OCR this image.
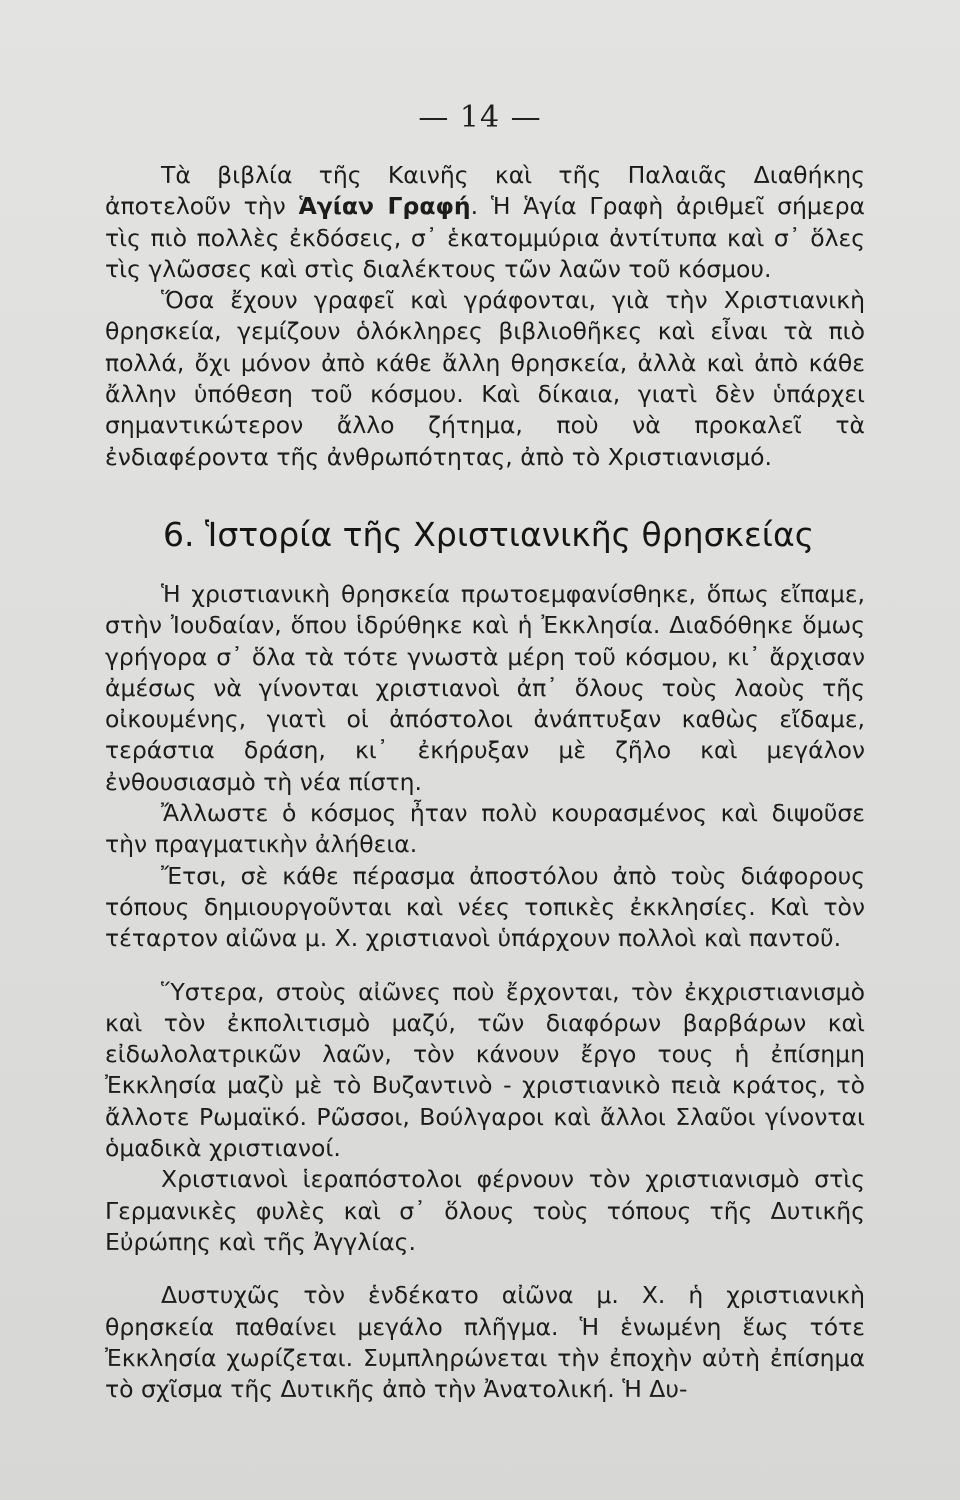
— 14 —

Τὰ βιβλία τῆς Καινῆς καὶ τῆς Παλαιᾶς Διαθήκης ἀποτελοῦν τὴν Ἁγίαν Γραφή. Ἡ Ἁγία Γραφὴ ἀριθμεῖ σήμερα τὶς πιὸ πολλὲς ἐκδόσεις, σ᾽ ἑκατομμύρια ἀντίτυπα καὶ σ᾽ ὅλες τὶς γλῶσσες καὶ στὶς διαλέκτους τῶν λαῶν τοῦ κόσμου.

Ὅσα ἔχουν γραφεῖ καὶ γράφονται, γιὰ τὴν Χριστιανικὴ θρησκεία, γεμίζουν ὁλόκληρες βιβλιοθῆκες καὶ εἶναι τὰ πιὸ πολλά, ὄχι μόνον ἀπὸ κάθε ἄλλη θρησκεία, ἀλλὰ καὶ ἀπὸ κάθε ἄλλην ὑπόθεση τοῦ κόσμου. Καὶ δίκαια, γιατὶ δὲν ὑπάρχει σημαντικώτερον ἄλλο ζήτημα, ποὺ νὰ προκαλεῖ τὰ ἐνδιαφέροντα τῆς ἀνθρωπότητας, ἀπὸ τὸ Χριστιανισμό.

6. Ἱστορία τῆς Χριστιανικῆς θρησκείας

Ἡ χριστιανικὴ θρησκεία πρωτοεμφανίσθηκε, ὅπως εἴπαμε, στὴν Ἰουδαίαν, ὅπου ἱδρύθηκε καὶ ἡ Ἐκκλησία. Διαδόθηκε ὅμως γρήγορα σ᾽ ὅλα τὰ τότε γνωστὰ μέρη τοῦ κόσμου, κι᾽ ἄρχισαν ἀμέσως νὰ γίνονται χριστιανοὶ ἀπ᾽ ὅλους τοὺς λαοὺς τῆς οἰκουμένης, γιατὶ οἱ ἀπόστολοι ἀνάπτυξαν καθὼς εἴδαμε, τεράστια δράση, κι᾽ ἐκήρυξαν μὲ ζῆλο καὶ μεγάλον ἐνθουσιασμὸ τὴ νέα πίστη.

Ἄλλωστε ὁ κόσμος ἦταν πολὺ κουρασμένος καὶ διψοῦσε τὴν πραγματικὴν ἀλήθεια.

Ἔτσι, σὲ κάθε πέρασμα ἀποστόλου ἀπὸ τοὺς διάφορους τόπους δημιουργοῦνται καὶ νέες τοπικὲς ἐκκλησίες. Καὶ τὸν τέταρτον αἰῶνα μ. Χ. χριστιανοὶ ὑπάρχουν πολλοὶ καὶ παντοῦ.

Ὕστερα, στοὺς αἰῶνες ποὺ ἔρχονται, τὸν ἐκχριστιανισμὸ καὶ τὸν ἐκπολιτισμὸ μαζύ, τῶν διαφόρων βαρβάρων καὶ εἰδωλολατρικῶν λαῶν, τὸν κάνουν ἔργο τους ἡ ἐπίσημη Ἐκκλησία μαζὺ μὲ τὸ Βυζαντινὸ - χριστιανικὸ πειὰ κράτος, τὸ ἄλλοτε Ρωμαϊκό. Ρῶσσοι, Βούλγαροι καὶ ἄλλοι Σλαῦοι γίνονται ὁμαδικὰ χριστιανοί.

Χριστιανοὶ ἱεραπόστολοι φέρνουν τὸν χριστιανισμὸ στὶς Γερμανικὲς φυλὲς καὶ σ᾽ ὅλους τοὺς τόπους τῆς Δυτικῆς Εὐρώπης καὶ τῆς Ἀγγλίας.

Δυστυχῶς τὸν ἑνδέκατο αἰῶνα μ. Χ. ἡ χριστιανικὴ θρησκεία παθαίνει μεγάλο πλῆγμα. Ἡ ἑνωμένη ἕως τότε Ἐκκλησία χωρίζεται. Συμπληρώνεται τὴν ἐποχὴν αὐτὴ ἐπίσημα τὸ σχῖσμα τῆς Δυτικῆς ἀπὸ τὴν Ἀνατολική. Ἡ Δυ-
